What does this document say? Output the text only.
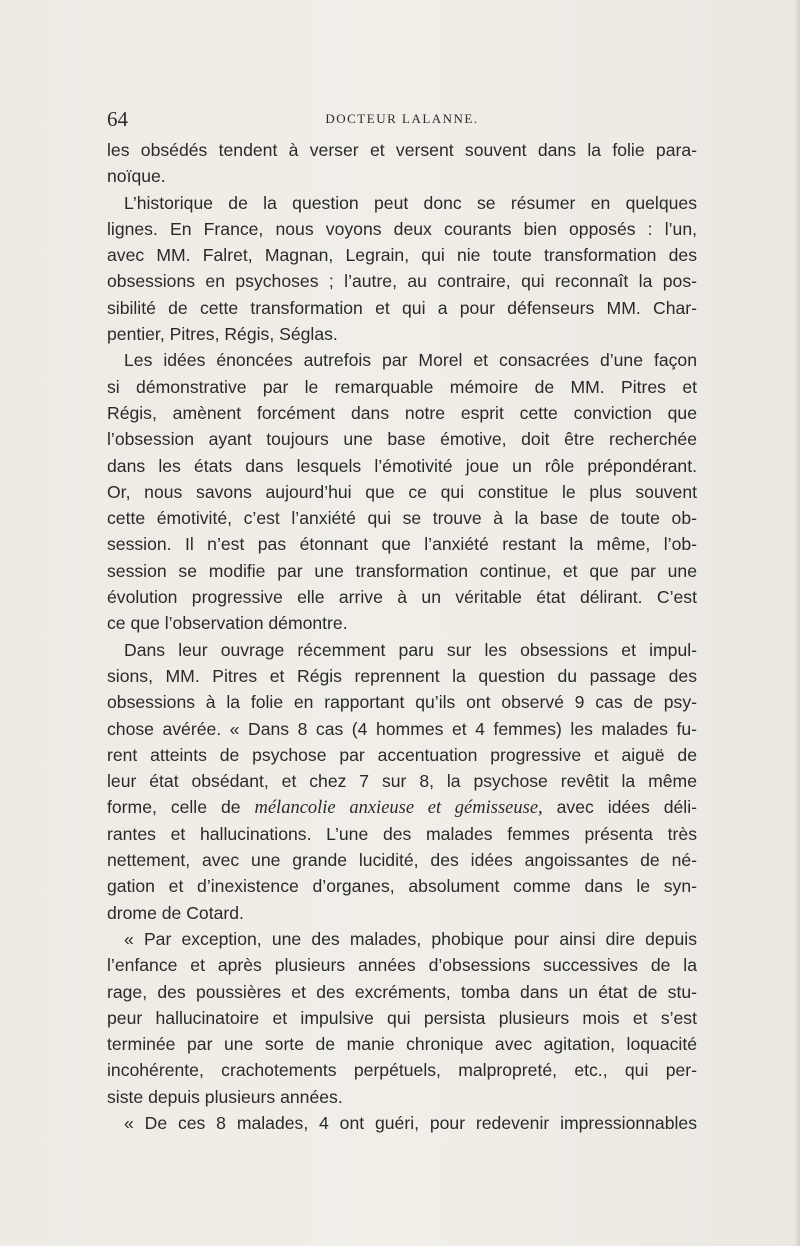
64	DOCTEUR LALANNE.
les obsédés tendent à verser et versent souvent dans la folie para-
noïque.
L’historique de la question peut donc se résumer en quelques
lignes. En France, nous voyons deux courants bien opposés : l’un,
avec MM. Falret, Magnan, Legrain, qui nie toute transformation des
obsessions en psychoses ; l’autre, au contraire, qui reconnaît la pos-
sibilité de cette transformation et qui a pour défenseurs MM. Char-
pentier, Pitres, Régis, Séglas.
Les idées énoncées autrefois par Morel et consacrées d’une façon
si démonstrative par le remarquable mémoire de MM. Pitres et
Régis, amènent forcément dans notre esprit cette conviction que
l’obsession ayant toujours une base émotive, doit être recherchée
dans les états dans lesquels l’émotivité joue un rôle prépondérant.
Or, nous savons aujourd’hui que ce qui constitue le plus souvent
cette émotivité, c’est l’anxiété qui se trouve à la base de toute ob-
session. Il n’est pas étonnant que l’anxiété restant la même, l’ob-
session se modifie par une transformation continue, et que par une
évolution progressive elle arrive à un véritable état délirant. C’est
ce que l’observation démontre.
Dans leur ouvrage récemment paru sur les obsessions et impul-
sions, MM. Pitres et Régis reprennent la question du passage des
obsessions à la folie en rapportant qu’ils ont observé 9 cas de psy-
chose avérée. « Dans 8 cas (4 hommes et 4 femmes) les malades fu-
rent atteints de psychose par accentuation progressive et aiguë de
leur état obsédant, et chez 7 sur 8, la psychose revêtit la même
forme, celle de mélancolie anxieuse et gémisseuse, avec idées déli-
rantes et hallucinations. L’une des malades femmes présenta très
nettement, avec une grande lucidité, des idées angoissantes de né-
gation et d’inexistence d’organes, absolument comme dans le syn-
drome de Cotard.
« Par exception, une des malades, phobique pour ainsi dire depuis
l’enfance et après plusieurs années d’obsessions successives de la
rage, des poussières et des excréments, tomba dans un état de stu-
peur hallucinatoire et impulsive qui persista plusieurs mois et s’est
terminée par une sorte de manie chronique avec agitation, loquacité
incohérente, crachotements perpétuels, malpropreté, etc., qui per-
siste depuis plusieurs années.
« De ces 8 malades, 4 ont guéri, pour redevenir impressionnables
